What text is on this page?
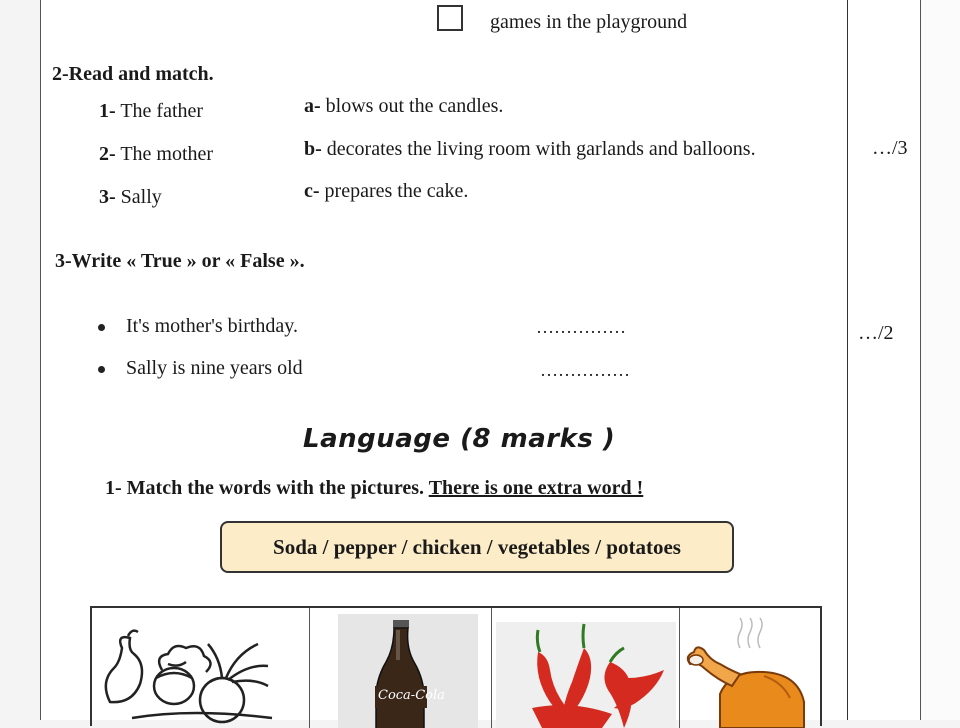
games in the playground
2-Read and match.
1- The father
2- The mother
3- Sally
a- blows out the candles.
b- decorates the living room with garlands and balloons.
c- prepares the cake.
…/3
3-Write « True » or « False ».
It's mother's birthday.	……………
Sally is nine years old	……………
…/2
Language (8 marks )
1- Match the words with the pictures. There is one extra word !
Soda / pepper / chicken / vegetables / potatoes
Coca-Cola
